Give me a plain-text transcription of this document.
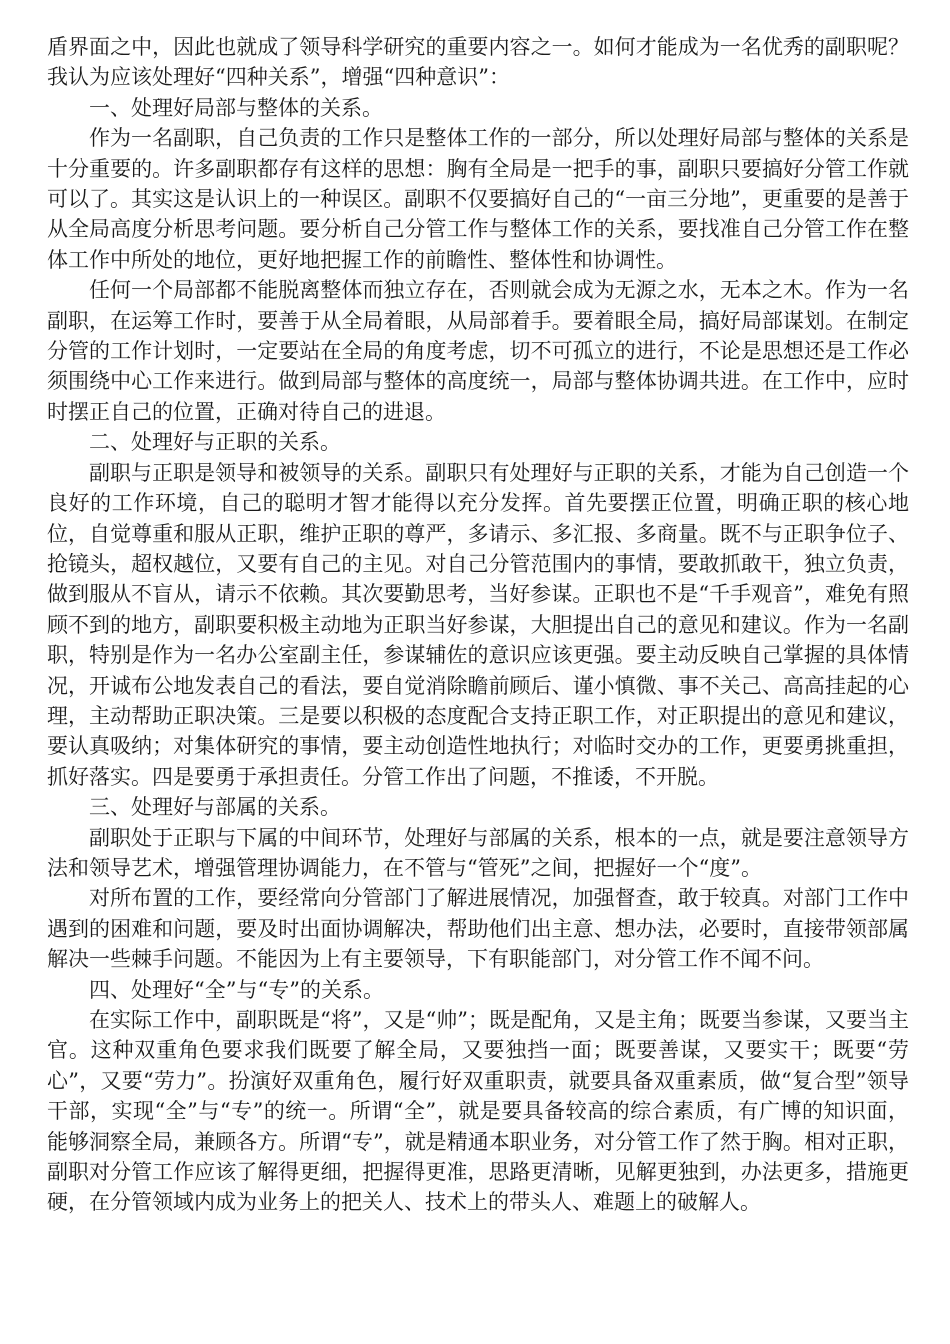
盾界面之中，因此也就成了领导科学研究的重要内容之一。如何才能成为一名优秀的副职呢？我认为应该处理好“四种关系”，增强“四种意识”：

一、处理好局部与整体的关系。

作为一名副职，自己负责的工作只是整体工作的一部分，所以处理好局部与整体的关系是十分重要的。许多副职都存有这样的思想：胸有全局是一把手的事，副职只要搞好分管工作就可以了。其实这是认识上的一种误区。副职不仅要搞好自己的“一亩三分地”，更重要的是善于从全局高度分析思考问题。要分析自己分管工作与整体工作的关系，要找准自己分管工作在整体工作中所处的地位，更好地把握工作的前瞻性、整体性和协调性。

任何一个局部都不能脱离整体而独立存在，否则就会成为无源之水，无本之木。作为一名副职，在运筹工作时，要善于从全局着眼，从局部着手。要着眼全局，搞好局部谋划。在制定分管的工作计划时，一定要站在全局的角度考虑，切不可孤立的进行，不论是思想还是工作必须围绕中心工作来进行。做到局部与整体的高度统一，局部与整体协调共进。在工作中，应时时摆正自己的位置，正确对待自己的进退。

二、处理好与正职的关系。

副职与正职是领导和被领导的关系。副职只有处理好与正职的关系，才能为自己创造一个良好的工作环境，自己的聪明才智才能得以充分发挥。首先要摆正位置，明确正职的核心地位，自觉尊重和服从正职，维护正职的尊严，多请示、多汇报、多商量。既不与正职争位子、抢镜头，超权越位，又要有自己的主见。对自己分管范围内的事情，要敢抓敢干，独立负责，做到服从不盲从，请示不依赖。其次要勤思考，当好参谋。正职也不是“千手观音”，难免有照顾不到的地方，副职要积极主动地为正职当好参谋，大胆提出自己的意见和建议。作为一名副职，特别是作为一名办公室副主任，参谋辅佐的意识应该更强。要主动反映自己掌握的具体情况，开诚布公地发表自己的看法，要自觉消除瞻前顾后、谨小慎微、事不关己、高高挂起的心理，主动帮助正职决策。三是要以积极的态度配合支持正职工作，对正职提出的意见和建议，要认真吸纳；对集体研究的事情，要主动创造性地执行；对临时交办的工作，更要勇挑重担，抓好落实。四是要勇于承担责任。分管工作出了问题，不推诿，不开脱。

三、处理好与部属的关系。

副职处于正职与下属的中间环节，处理好与部属的关系，根本的一点，就是要注意领导方法和领导艺术，增强管理协调能力，在不管与“管死”之间，把握好一个“度”。

对所布置的工作，要经常向分管部门了解进展情况，加强督查，敢于较真。对部门工作中遇到的困难和问题，要及时出面协调解决，帮助他们出主意、想办法，必要时，直接带领部属解决一些棘手问题。不能因为上有主要领导，下有职能部门，对分管工作不闻不问。

四、处理好“全”与“专”的关系。

在实际工作中，副职既是“将”，又是“帅”；既是配角，又是主角；既要当参谋，又要当主官。这种双重角色要求我们既要了解全局，又要独挡一面；既要善谋，又要实干；既要“劳心”，又要“劳力”。扮演好双重角色，履行好双重职责，就要具备双重素质，做“复合型”领导干部，实现“全”与“专”的统一。所谓“全”，就是要具备较高的综合素质，有广博的知识面，能够洞察全局，兼顾各方。所谓“专”，就是精通本职业务，对分管工作了然于胸。相对正职，副职对分管工作应该了解得更细，把握得更准，思路更清晰，见解更独到，办法更多，措施更硬，在分管领域内成为业务上的把关人、技术上的带头人、难题上的破解人。
